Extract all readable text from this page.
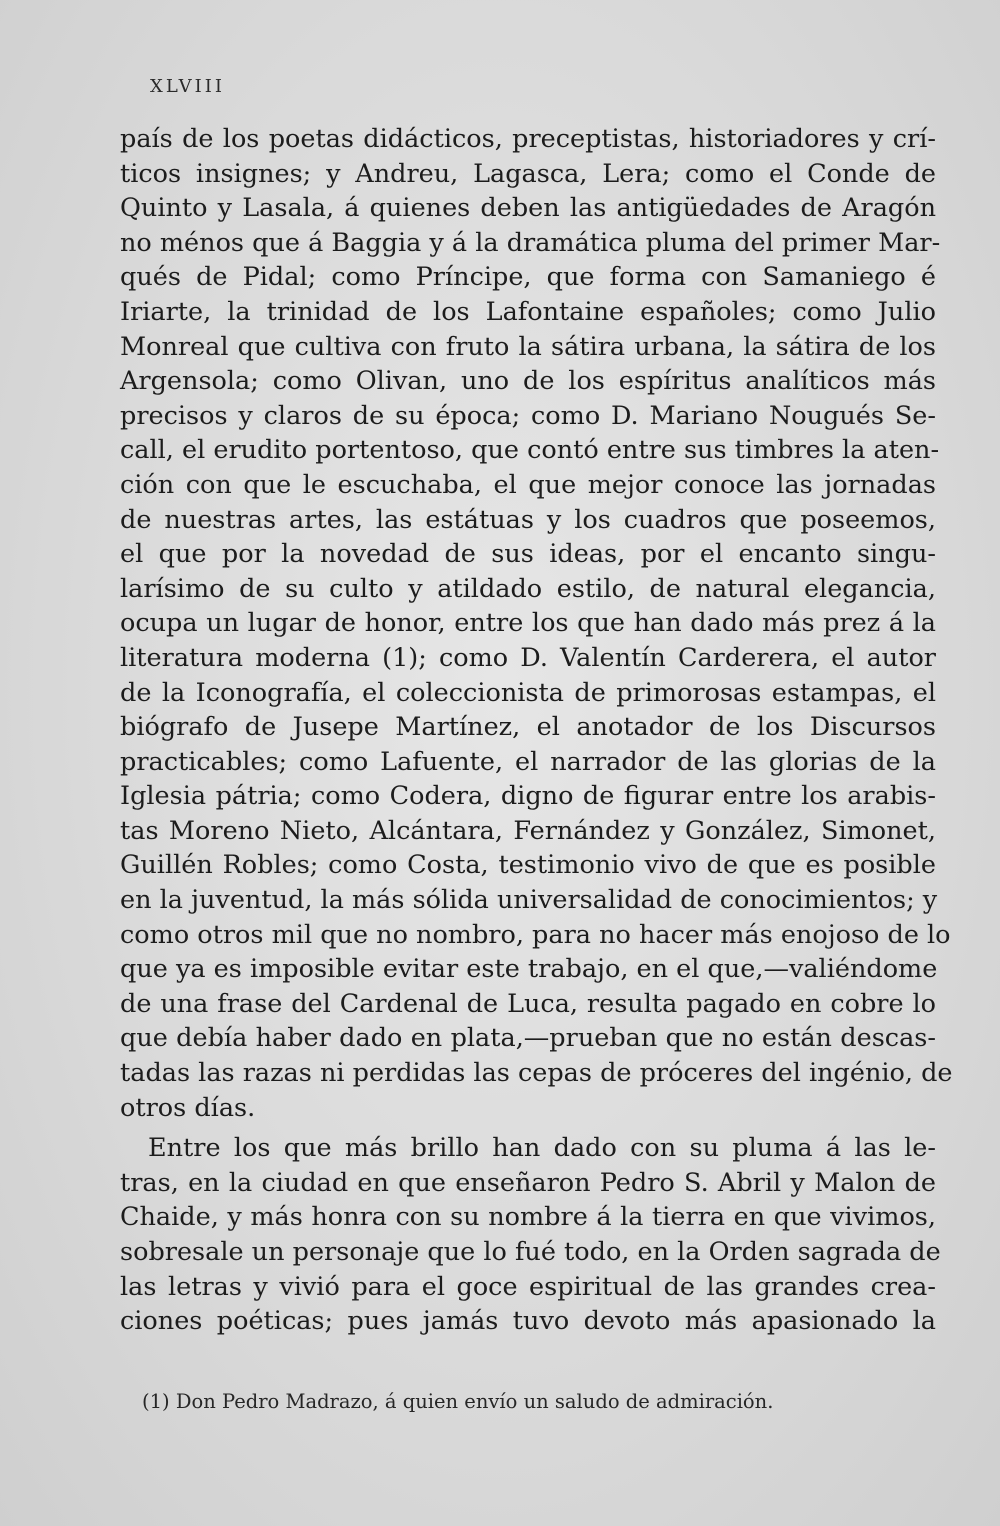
XLVIII
país de los poetas didácticos, preceptistas, historiadores y crí-
ticos insignes; y Andreu, Lagasca, Lera; como el Conde de
Quinto y Lasala, á quienes deben las antigüedades de Aragón
no ménos que á Baggia y á la dramática pluma del primer Mar-
qués de Pidal; como Príncipe, que forma con Samaniego é
Iriarte, la trinidad de los Lafontaine españoles; como Julio
Monreal que cultiva con fruto la sátira urbana, la sátira de los
Argensola; como Olivan, uno de los espíritus analíticos más
precisos y claros de su época; como D. Mariano Nougués Se-
call, el erudito portentoso, que contó entre sus timbres la aten-
ción con que le escuchaba, el que mejor conoce las jornadas
de nuestras artes, las estátuas y los cuadros que poseemos,
el que por la novedad de sus ideas, por el encanto singu-
larísimo de su culto y atildado estilo, de natural elegancia,
ocupa un lugar de honor, entre los que han dado más prez á la
literatura moderna (1); como D. Valentín Carderera, el autor
de la Iconografía, el coleccionista de primorosas estampas, el
biógrafo de Jusepe Martínez, el anotador de los Discursos
practicables; como Lafuente, el narrador de las glorias de la
Iglesia pátria; como Codera, digno de figurar entre los arabis-
tas Moreno Nieto, Alcántara, Fernández y González, Simonet,
Guillén Robles; como Costa, testimonio vivo de que es posible
en la juventud, la más sólida universalidad de conocimientos; y
como otros mil que no nombro, para no hacer más enojoso de lo
que ya es imposible evitar este trabajo, en el que,—valiéndome
de una frase del Cardenal de Luca, resulta pagado en cobre lo
que debía haber dado en plata,—prueban que no están descas-
tadas las razas ni perdidas las cepas de próceres del ingénio, de
otros días.
Entre los que más brillo han dado con su pluma á las le-
tras, en la ciudad en que enseñaron Pedro S. Abril y Malon de
Chaide, y más honra con su nombre á la tierra en que vivimos,
sobresale un personaje que lo fué todo, en la Orden sagrada de
las letras y vivió para el goce espiritual de las grandes crea-
ciones poéticas; pues jamás tuvo devoto más apasionado la
(1) Don Pedro Madrazo, á quien envío un saludo de admiración.
